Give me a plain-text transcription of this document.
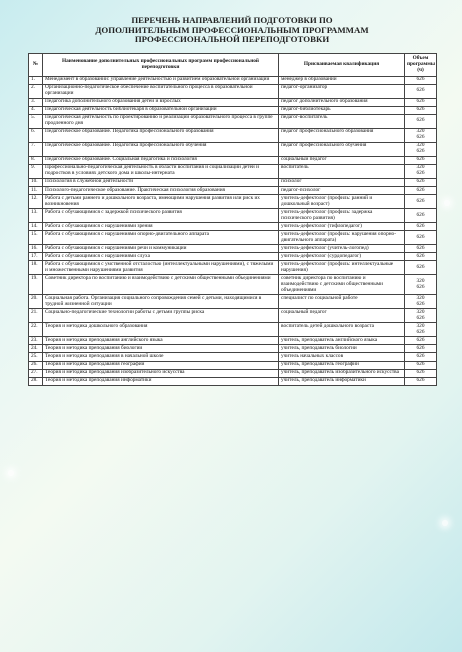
ПЕРЕЧЕНЬ НАПРАВЛЕНИЙ ПОДГОТОВКИ ПО
ДОПОЛНИТЕЛЬНЫМ ПРОФЕССИОНАЛЬНЫМ ПРОГРАММАМ
ПРОФЕССИОНАЛЬНОЙ ПЕРЕПОДГОТОВКИ
№	Наименование дополнительных профессиональных программ профессиональной переподготовки	Присваиваемая квалификация	Объем программы (ч)
1.	Менеджмент в образовании: управление деятельностью и развитием образовательной организации	менеджер в образовании	626
2.	Организационно-педагогическое обеспечение воспитательного процесса в образовательной организации	педагог-организатор	626
3.	Педагогика дополнительного образования детей и взрослых	педагог дополнительного образования	626
4.	Педагогическая деятельность библиотекаря в образовательной организации	педагог-библиотекарь	626
5.	Педагогическая деятельность по проектированию и реализации образовательного процесса в группе продленного дня	педагог-воспитатель	626
6.	Педагогическое образование. Педагогика профессионального образования	педагог профессионального образования	320
626
7.	Педагогическое образование. Педагогика профессионального обучения	педагог профессионального обучения	320
626
8.	Педагогическое образование. Социальная педагогика и психология	социальный педагог	626
9.	Профессионально-педагогическая деятельность в области воспитания и социализации детей и подростков в условиях детского дома и школы-интерната	воспитатель	320
626
10.	Психология в служебной деятельности	психолог	626
11.	Психолого-педагогическое образование. Практическая психология образования	педагог-психолог	626
12.	Работа с детьми раннего и дошкольного возраста, имеющими нарушения развития или риск их возникновения	учитель-дефектолог (профиль: ранний и дошкольный возраст)	626
13.	Работа с обучающимися с задержкой психического развития	учитель-дефектолог (профиль: задержка психического развития)	626
14.	Работа с обучающимися с нарушениями зрения	учитель-дефектолог (тифлопедагог)	626
15.	Работа с обучающимися с нарушениями опорно-двигательного аппарата	учитель-дефектолог (профиль: нарушения опорно-двигательного аппарата)	626
16.	Работа с обучающимися с нарушениями речи и коммуникации	учитель-дефектолог (учитель-логопед)	626
17.	Работа с обучающимися с нарушениями слуха	учитель-дефектолог (сурдопедагог)	626
18.	Работа с обучающимися с умственной отсталостью (интеллектуальными нарушениями), с тяжелыми и множественными нарушениями развития	учитель-дефектолог (профиль: интеллектуальные нарушения)	626
19.	Советник директора по воспитанию и взаимодействию с детскими общественными объединениями	советник директора по воспитанию и взаимодействию с детскими общественными объединениями	320
626
20.	Социальная работа. Организация социального сопровождения семей с детьми, находящимися в трудной жизненной ситуации	специалист по социальной работе	320
626
21.	Социально-педагогические технологии работы с детьми группы риска	социальный педагог	320
626
22.	Теория и методика дошкольного образования	воспитатель детей дошкольного возраста	320
626
23.	Теория и методика преподавания английского языка	учитель, преподаватель английского языка	626
24.	Теория и методика преподавания биологии	учитель, преподаватель биологии	626
25.	Теория и методика преподавания в начальной школе	учитель начальных классов	626
26.	Теория и методика преподавания географии	учитель, преподаватель географии	626
27.	Теория и методика преподавания изобразительного искусства	учитель, преподаватель изобразительного искусства	626
28.	Теория и методика преподавания информатики	учитель, преподаватель информатики	626
